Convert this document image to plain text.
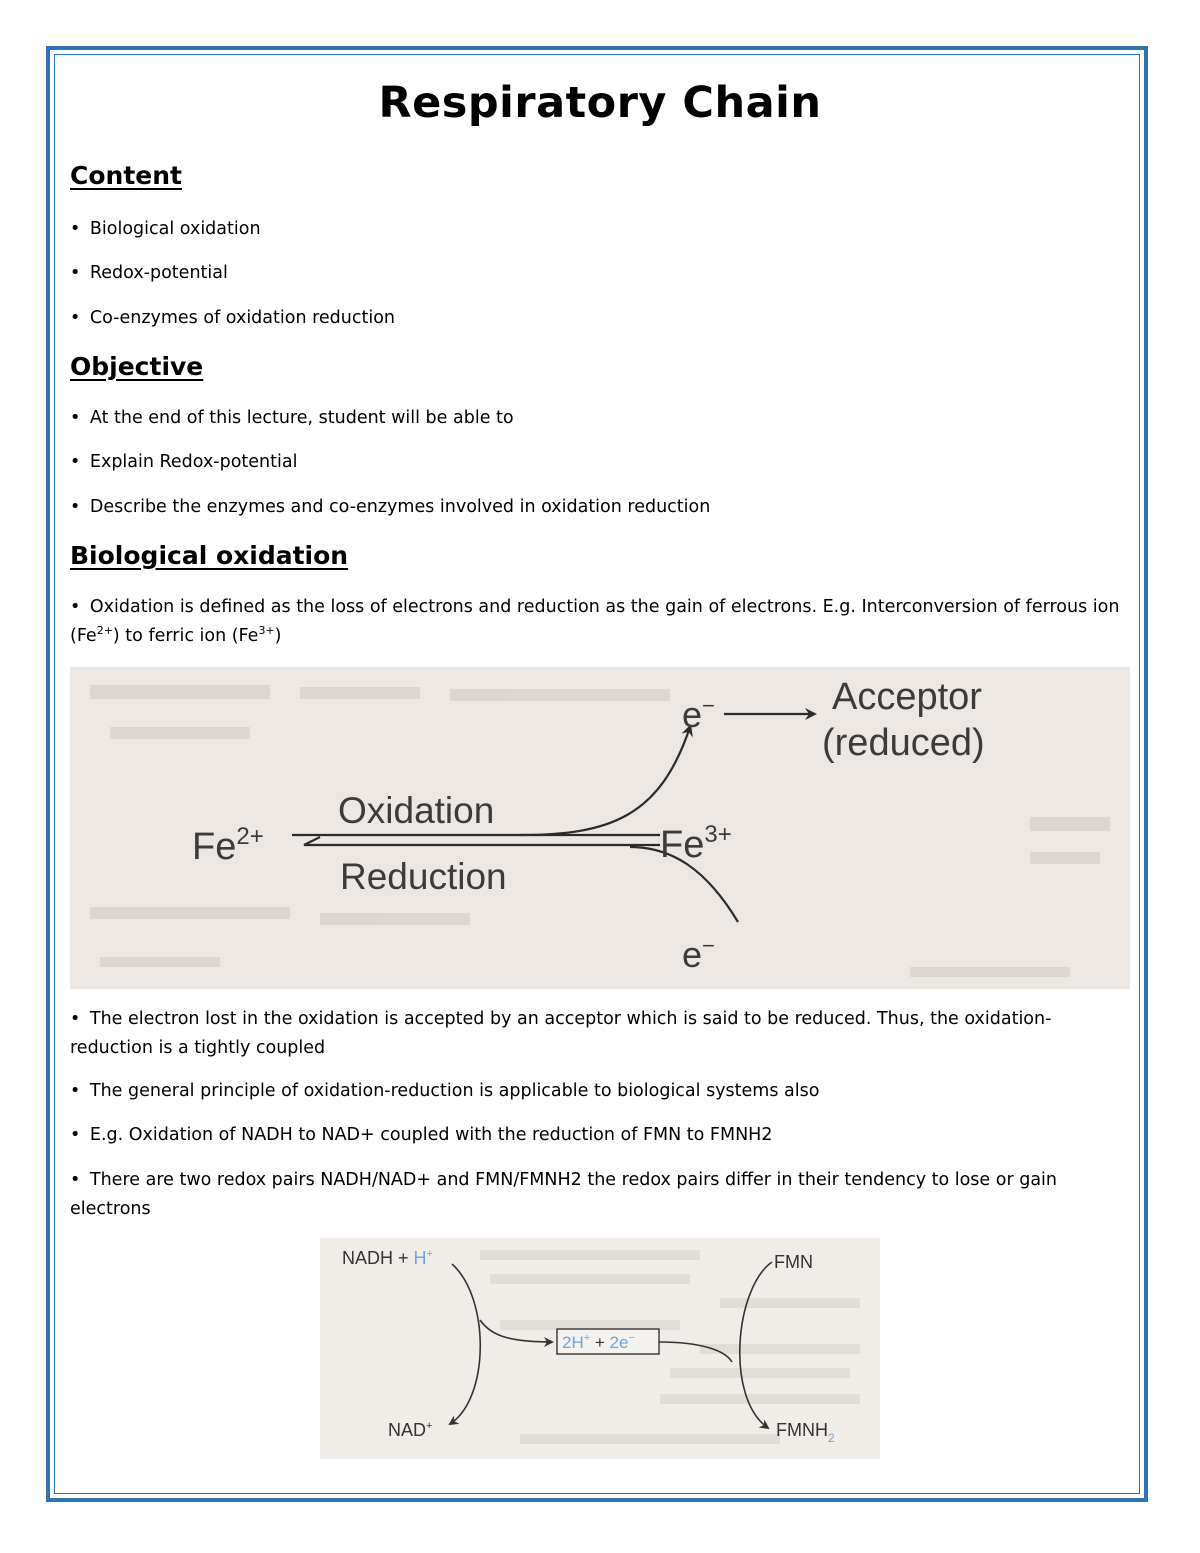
Respiratory Chain
Content
• Biological oxidation
• Redox-potential
• Co-enzymes of oxidation reduction
Objective
• At the end of this lecture, student will be able to
• Explain Redox-potential
• Describe the enzymes and co-enzymes involved in oxidation reduction
Biological oxidation
• Oxidation is defined as the loss of electrons and reduction as the gain of electrons. E.g. Interconversion of ferrous ion $(Fe^{2+})$ to ferric ion $(Fe^{3+})$
$Fe^{2+}$
Oxidation
Reduction
$Fe^{3+}$
e−
e−
Acceptor
(reduced)
• The electron lost in the oxidation is accepted by an acceptor which is said to be reduced. Thus, the oxidation-reduction is a tightly coupled
• The general principle of oxidation-reduction is applicable to biological systems also
• E.g. Oxidation of NADH to NAD+ coupled with the reduction of FMN to FMNH2
• There are two redox pairs NADH/NAD+ and FMN/FMNH2 the redox pairs differ in their tendency to lose or gain electrons
2H+ + 2e−
NADH + H+
NAD+
FMN
$FMNH_2$
